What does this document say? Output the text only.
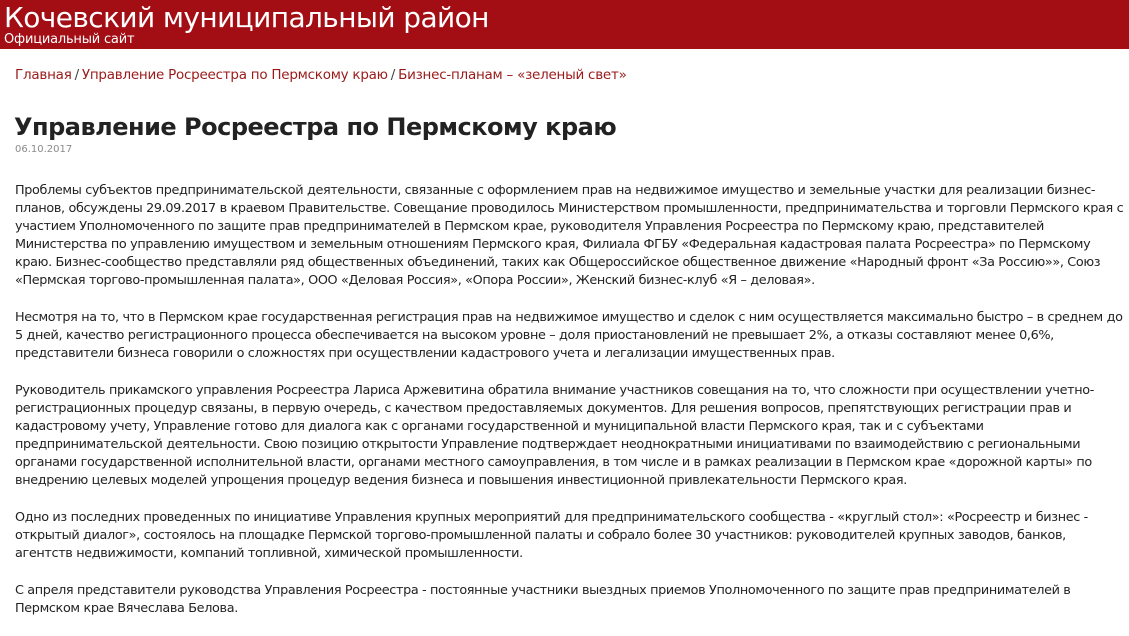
Кочевский муниципальный район
Официальный сайт
Главная / Управление Росреестра по Пермскому краю / Бизнес-планам – «зеленый свет»
Управление Росреестра по Пермскому краю
06.10.2017

Проблемы субъектов предпринимательской деятельности, связанные с оформлением прав на недвижимое имущество и земельные участки для реализации бизнес-планов, обсуждены 29.09.2017 в краевом Правительстве. Совещание проводилось Министерством промышленности, предпринимательства и торговли Пермского края с участием Уполномоченного по защите прав предпринимателей в Пермском крае, руководителя Управления Росреестра по Пермскому краю, представителей Министерства по управлению имуществом и земельным отношениям Пермского края, Филиала ФГБУ «Федеральная кадастровая палата Росреестра» по Пермскому краю. Бизнес-сообщество представляли ряд общественных объединений, таких как Общероссийское общественное движение «Народный фронт «За Россию»», Союз «Пермская торгово-промышленная палата», ООО «Деловая Россия», «Опора России», Женский бизнес-клуб «Я – деловая».

Несмотря на то, что в Пермском крае государственная регистрация прав на недвижимое имущество и сделок с ним осуществляется максимально быстро – в среднем до 5 дней, качество регистрационного процесса обеспечивается на высоком уровне – доля приостановлений не превышает 2%, а отказы составляют менее 0,6%, представители бизнеса говорили о сложностях при осуществлении кадастрового учета и легализации имущественных прав.

Руководитель прикамского управления Росреестра Лариса Аржевитина обратила внимание участников совещания на то, что сложности при осуществлении учетно-регистрационных процедур связаны, в первую очередь, с качеством предоставляемых документов. Для решения вопросов, препятствующих регистрации прав и кадастровому учету, Управление готово для диалога как с органами государственной и муниципальной власти Пермского края, так и с субъектами предпринимательской деятельности. Свою позицию открытости Управление подтверждает неоднократными инициативами по взаимодействию с региональными органами государственной исполнительной власти, органами местного самоуправления, в том числе и в рамках реализации в Пермском крае «дорожной карты» по внедрению целевых моделей упрощения процедур ведения бизнеса и повышения инвестиционной привлекательности Пермского края.

Одно из последних проведенных по инициативе Управления крупных мероприятий для предпринимательского сообщества - «круглый стол»: «Росреестр и бизнес - открытый диалог», состоялось на площадке Пермской торгово-промышленной палаты и собрало более 30 участников: руководителей крупных заводов, банков, агентств недвижимости, компаний топливной, химической промышленности.

С апреля представители руководства Управления Росреестра - постоянные участники выездных приемов Уполномоченного по защите прав предпринимателей в Пермском крае Вячеслава Белова.
